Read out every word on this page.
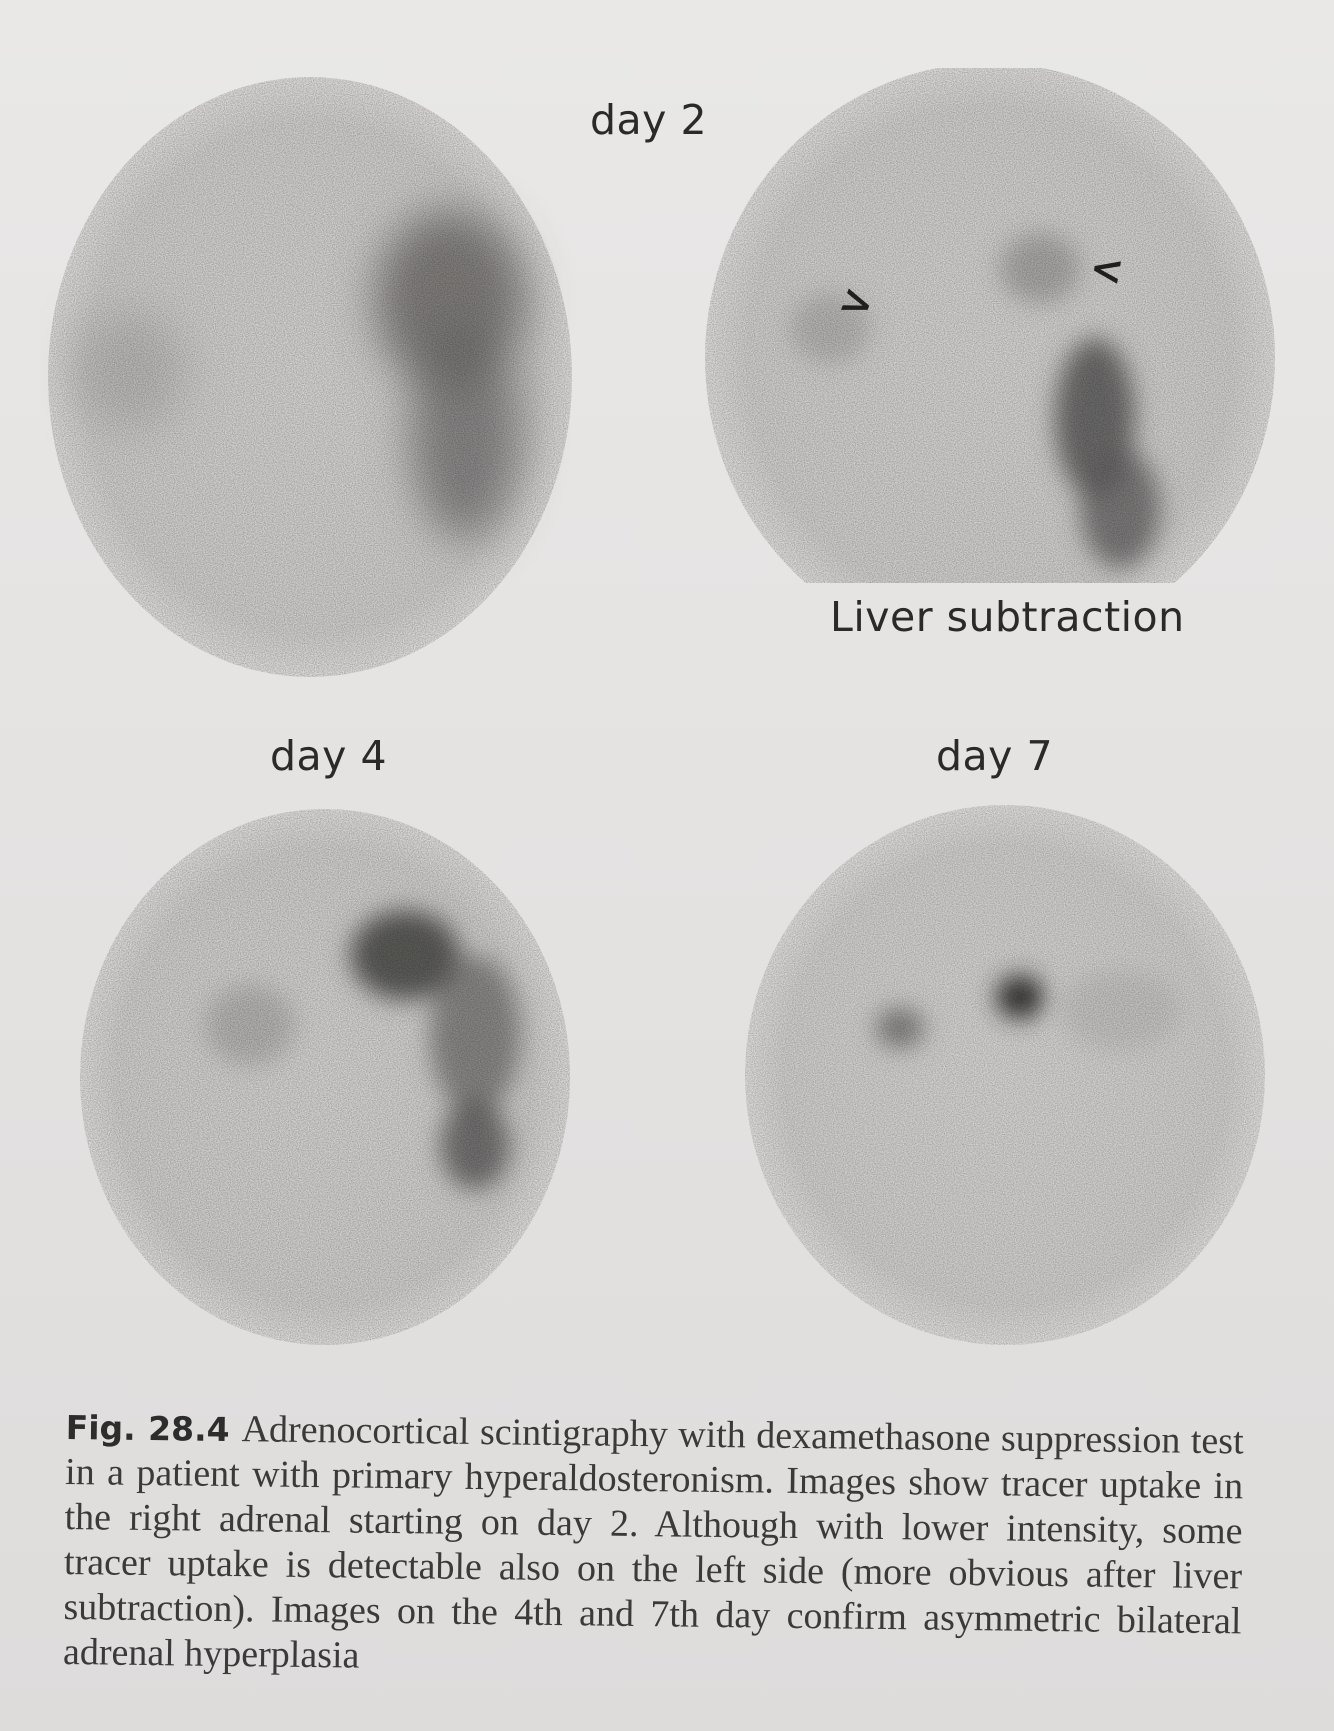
day 2
>
<
Liver subtraction
day 4	day 7
Fig. 28.4 Adrenocortical scintigraphy with dexamethasone suppression test in a patient with primary hyperaldosteronism. Images show tracer uptake in the right adrenal starting on day 2. Although with lower intensity, some tracer uptake is detectable also on the left side (more obvious after liver subtraction). Images on the 4th and 7th day confirm asymmetric bilateral adrenal hyperplasia
